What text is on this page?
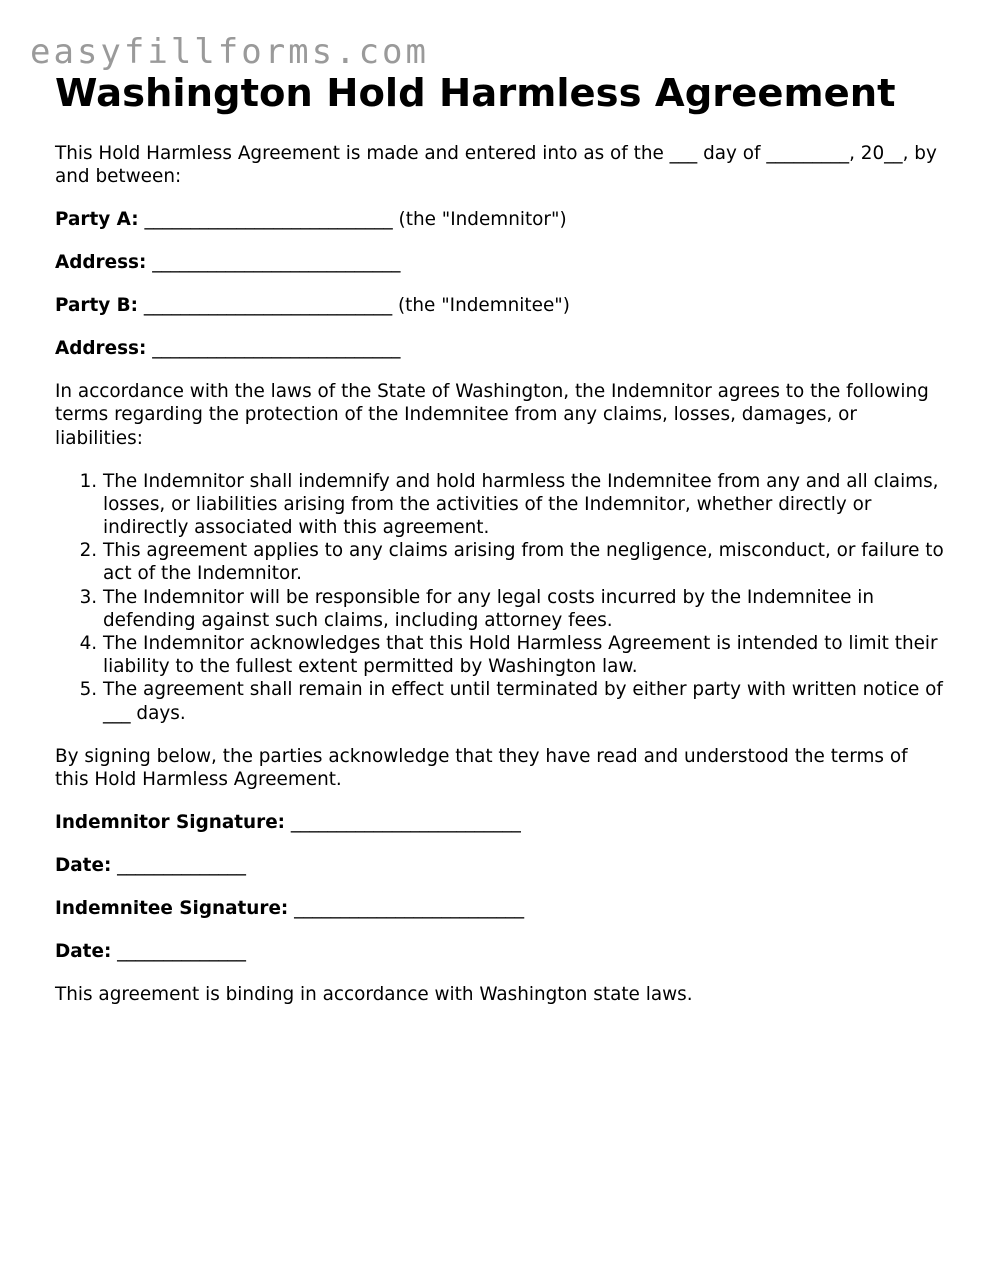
easyfillforms.com
Washington Hold Harmless Agreement

This Hold Harmless Agreement is made and entered into as of the ___ day of _________, 20__, by and between:

Party A: ___________________________ (the "Indemnitor")

Address: ___________________________

Party B: ___________________________ (the "Indemnitee")

Address: ___________________________

In accordance with the laws of the State of Washington, the Indemnitor agrees to the following terms regarding the protection of the Indemnitee from any claims, losses, damages, or liabilities:

1. The Indemnitor shall indemnify and hold harmless the Indemnitee from any and all claims, losses, or liabilities arising from the activities of the Indemnitor, whether directly or indirectly associated with this agreement.
2. This agreement applies to any claims arising from the negligence, misconduct, or failure to act of the Indemnitor.
3. The Indemnitor will be responsible for any legal costs incurred by the Indemnitee in defending against such claims, including attorney fees.
4. The Indemnitor acknowledges that this Hold Harmless Agreement is intended to limit their liability to the fullest extent permitted by Washington law.
5. The agreement shall remain in effect until terminated by either party with written notice of ___ days.

By signing below, the parties acknowledge that they have read and understood the terms of this Hold Harmless Agreement.

Indemnitor Signature: _________________________

Date: ______________

Indemnitee Signature: _________________________

Date: ______________

This agreement is binding in accordance with Washington state laws.
